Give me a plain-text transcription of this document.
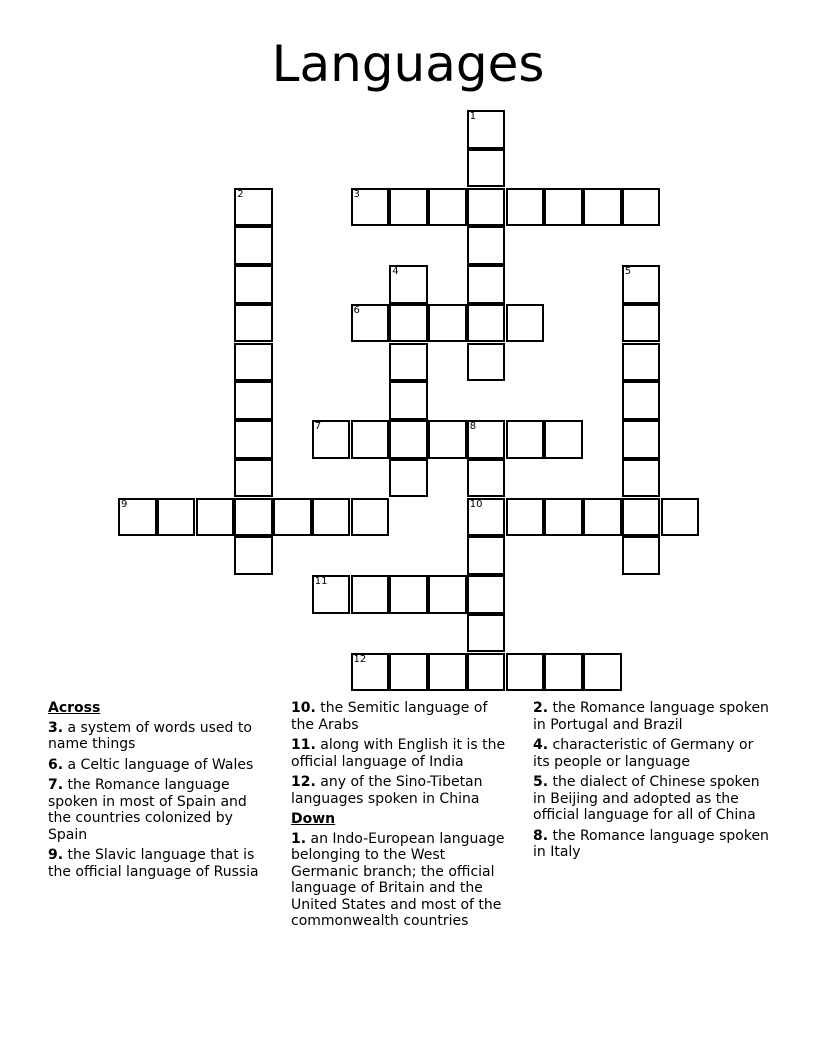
Languages
1
2	3
4	5
6
7	8
9	10
11
12
Across
3. a system of words used to name things
6. a Celtic language of Wales
7. the Romance language spoken in most of Spain and the countries colonized by Spain
9. the Slavic language that is the official language of Russia
10. the Semitic language of the Arabs
11. along with English it is the official language of India
12. any of the Sino-Tibetan languages spoken in China
Down
1. an Indo-European language belonging to the West Germanic branch; the official language of Britain and the United States and most of the commonwealth countries
2. the Romance language spoken in Portugal and Brazil
4. characteristic of Germany or its people or language
5. the dialect of Chinese spoken in Beijing and adopted as the official language for all of China
8. the Romance language spoken in Italy
